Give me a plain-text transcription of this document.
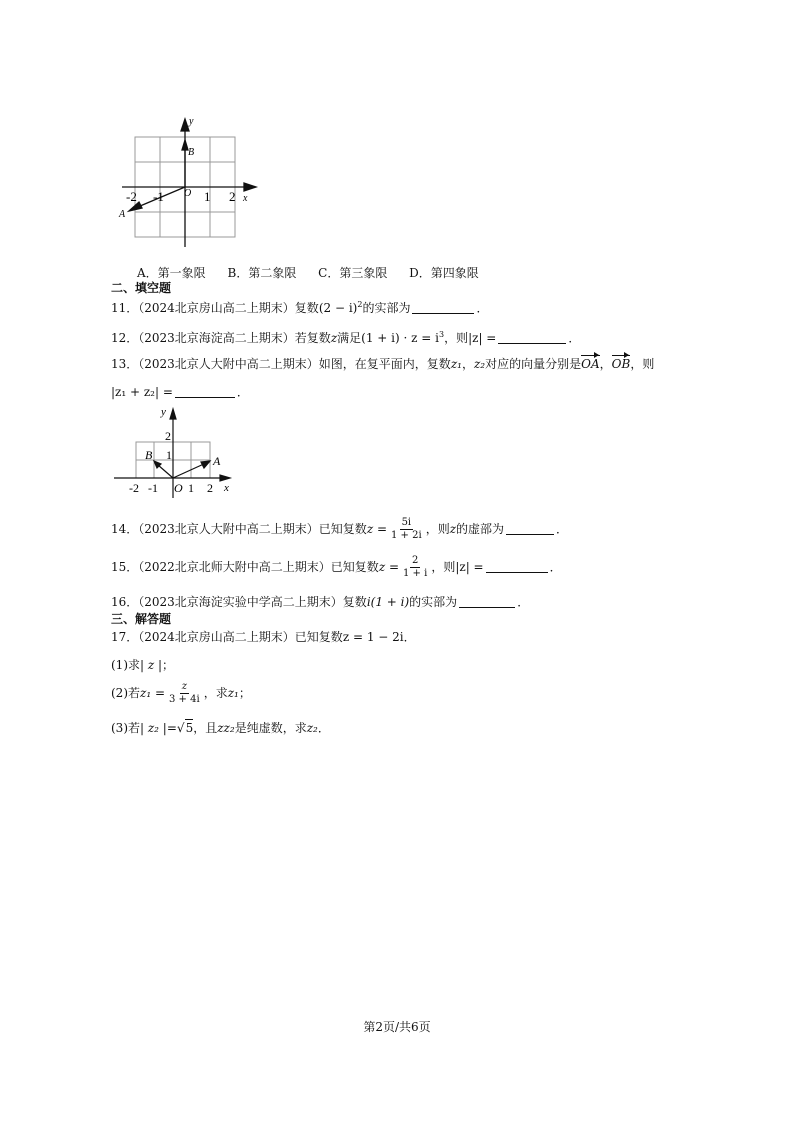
y
x
B
A
O
-2 -1	1 2
A．第一象限 B．第二象限 C．第三象限 D．第四象限
二、填空题
11．（2024北京房山高二上期末）复数$(2 - i)^2$的实部为	．
12．（2023北京海淀高二上期末）若复数z满足$(1 + i) \cdot z = i^3$，则|z| =	．
13．（2023北京人大附中高二上期末）如图，在复平面内，复数z₁，z₂对应的向量分别是OA，OB，则
|z₁ + z₂| =	．
y
x
2
1
B	A
O
-2 -1	1 2
14．（2023北京人大附中高二上期末）已知复数$z = \frac{5i}{1 + 2i}$ ，则z的虚部为	．
15．（2022北京北师大附中高二上期末）已知复数$z = \frac{2}{1 + i}$ ，则|z| =	．
16．（2023北京海淀实验中学高二上期末）复数i(1 + i)的实部为	．
三、解答题
17．（2024北京房山高二上期末）已知复数z = 1 − 2i．
(1)求| z |；
(2)若$z_1 = \frac{z}{3 + 4i}$ ，求z₁；
(3)若| z₂ |=√5，且zz₂是纯虚数，求z₂．
第2页/共6页
